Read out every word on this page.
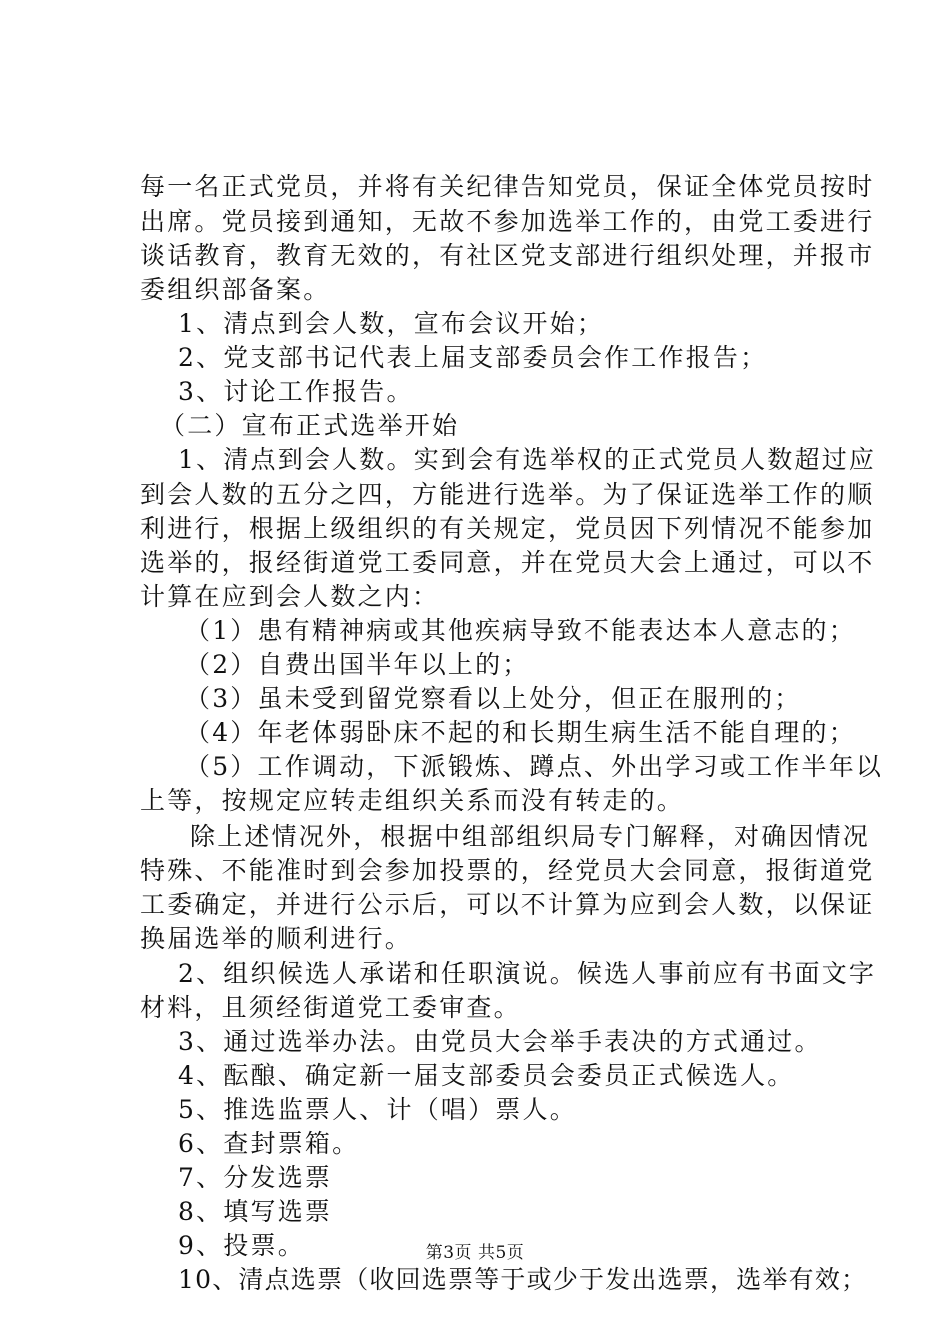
每一名正式党员，并将有关纪律告知党员，保证全体党员按时
出席。党员接到通知，无故不参加选举工作的，由党工委进行
谈话教育，教育无效的，有社区党支部进行组织处理，并报市
委组织部备案。
1、清点到会人数，宣布会议开始；
2、党支部书记代表上届支部委员会作工作报告；
3、讨论工作报告。
（二）宣布正式选举开始
1、清点到会人数。实到会有选举权的正式党员人数超过应
到会人数的五分之四，方能进行选举。为了保证选举工作的顺
利进行，根据上级组织的有关规定，党员因下列情况不能参加
选举的，报经街道党工委同意，并在党员大会上通过，可以不
计算在应到会人数之内：
（1）患有精神病或其他疾病导致不能表达本人意志的；
（2）自费出国半年以上的；
（3）虽未受到留党察看以上处分，但正在服刑的；
（4）年老体弱卧床不起的和长期生病生活不能自理的；
（5）工作调动，下派锻炼、蹲点、外出学习或工作半年以
上等，按规定应转走组织关系而没有转走的。
除上述情况外，根据中组部组织局专门解释，对确因情况
特殊、不能准时到会参加投票的，经党员大会同意，报街道党
工委确定，并进行公示后，可以不计算为应到会人数，以保证
换届选举的顺利进行。
2、组织候选人承诺和任职演说。候选人事前应有书面文字
材料，且须经街道党工委审查。
3、通过选举办法。由党员大会举手表决的方式通过。
4、酝酿、确定新一届支部委员会委员正式候选人。
5、推选监票人、计（唱）票人。
6、查封票箱。
7、分发选票
8、填写选票
9、投票。
10、清点选票（收回选票等于或少于发出选票，选举有效；
第3页 共5页
